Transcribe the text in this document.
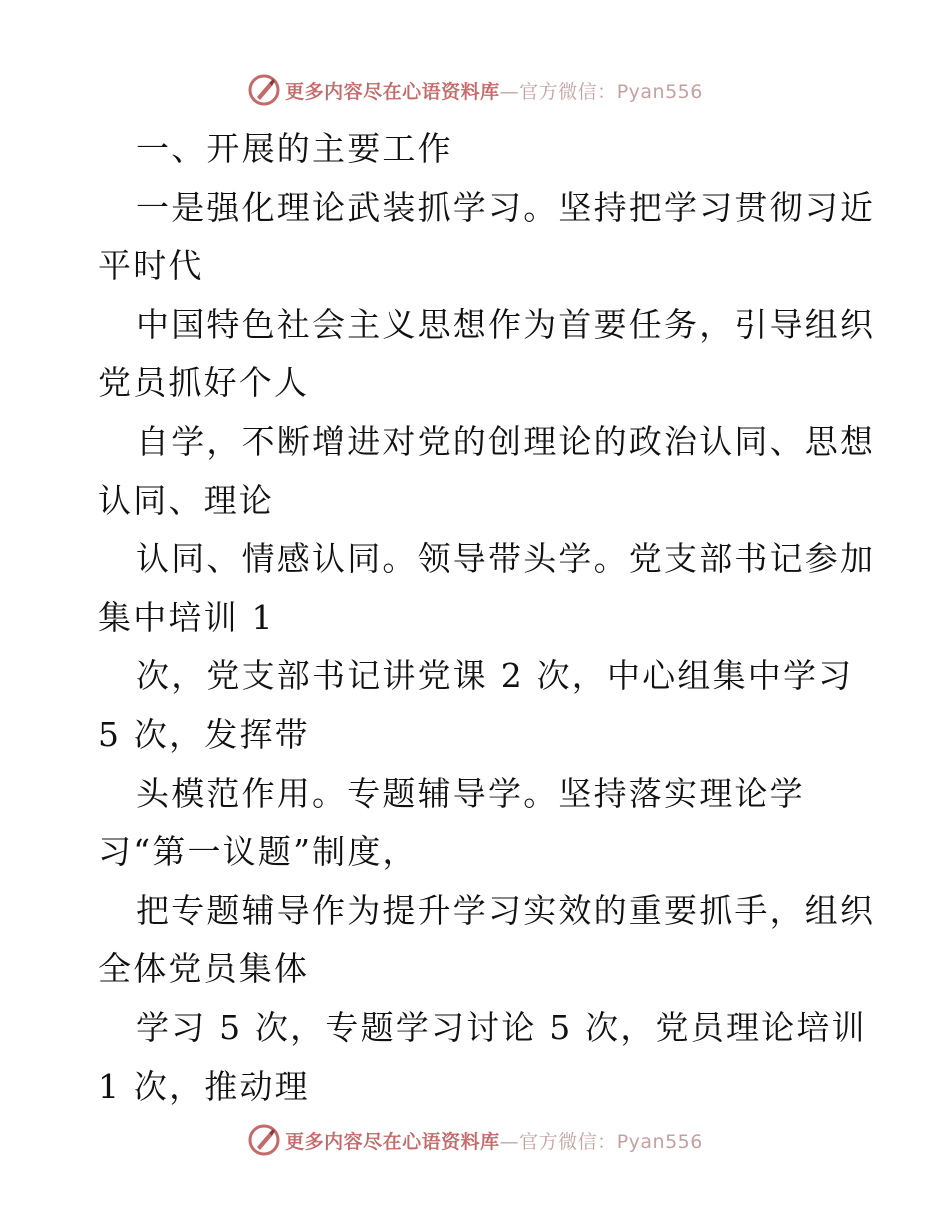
更多内容尽在心语资料库—官方微信：Pyan556
一、开展的主要工作
一是强化理论武装抓学习。坚持把学习贯彻习近
平时代
中国特色社会主义思想作为首要任务，引导组织
党员抓好个人
自学，不断增进对党的创理论的政治认同、思想
认同、理论
认同、情感认同。领导带头学。党支部书记参加
集中培训 1
次，党支部书记讲党课 2 次，中心组集中学习
5 次，发挥带
头模范作用。专题辅导学。坚持落实理论学
习“第一议题”制度，
把专题辅导作为提升学习实效的重要抓手，组织
全体党员集体
学习 5 次，专题学习讨论 5 次，党员理论培训
1 次，推动理
更多内容尽在心语资料库—官方微信：Pyan556
